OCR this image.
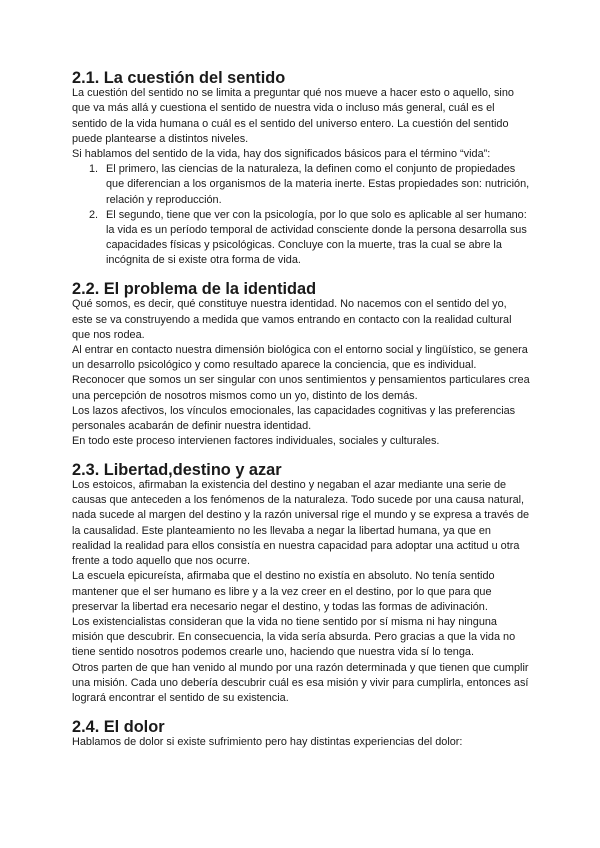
2.1. La cuestión del sentido

La cuestión del sentido no se limita a preguntar qué nos mueve a hacer esto o aquello, sino que va más allá y cuestiona el sentido de nuestra vida o incluso más general, cuál es el sentido de la vida humana o cuál es el sentido del universo entero. La cuestión del sentido puede plantearse a distintos niveles.

Si hablamos del sentido de la vida, hay dos significados básicos para el término “vida”:

1. El primero, las ciencias de la naturaleza, la definen como el conjunto de propiedades que diferencian a los organismos de la materia inerte. Estas propiedades son: nutrición, relación y reproducción.
2. El segundo, tiene que ver con la psicología, por lo que solo es aplicable al ser humano: la vida es un período temporal de actividad consciente donde la persona desarrolla sus capacidades físicas y psicológicas. Concluye con la muerte, tras la cual se abre la incógnita de si existe otra forma de vida.
2.2. El problema de la identidad

Qué somos, es decir, qué constituye nuestra identidad. No nacemos con el sentido del yo, este se va construyendo a medida que vamos entrando en contacto con la realidad cultural que nos rodea.

Al entrar en contacto nuestra dimensión biológica con el entorno social y lingüístico, se genera un desarrollo psicológico y como resultado aparece la conciencia, que es individual.

Reconocer que somos un ser singular con unos sentimientos y pensamientos particulares crea una percepción de nosotros mismos como un yo, distinto de los demás.

Los lazos afectivos, los vínculos emocionales, las capacidades cognitivas y las preferencias personales acabarán de definir nuestra identidad.

En todo este proceso intervienen factores individuales, sociales y culturales.

2.3. Libertad,destino y azar

Los estoicos, afirmaban la existencia del destino y negaban el azar mediante una serie de causas que anteceden a los fenómenos de la naturaleza. Todo sucede por una causa natural, nada sucede al margen del destino y la razón universal rige el mundo y se expresa a través de la causalidad. Este planteamiento no les llevaba a negar la libertad humana, ya que en realidad la realidad para ellos consistía en nuestra capacidad para adoptar una actitud u otra frente a todo aquello que nos ocurre.

La escuela epicureísta, afirmaba que el destino no existía en absoluto. No tenía sentido mantener que el ser humano es libre y a la vez creer en el destino, por lo que para que preservar la libertad era necesario negar el destino, y todas las formas de adivinación.

Los existencialistas consideran que la vida no tiene sentido por sí misma ni hay ninguna misión que descubrir. En consecuencia, la vida sería absurda. Pero gracias a que la vida no tiene sentido nosotros podemos crearle uno, haciendo que nuestra vida sí lo tenga.

Otros parten de que han venido al mundo por una razón determinada y que tienen que cumplir una misión. Cada uno debería descubrir cuál es esa misión y vivir para cumplirla, entonces así logrará encontrar el sentido de su existencia.

2.4. El dolor

Hablamos de dolor si existe sufrimiento pero hay distintas experiencias del dolor:
